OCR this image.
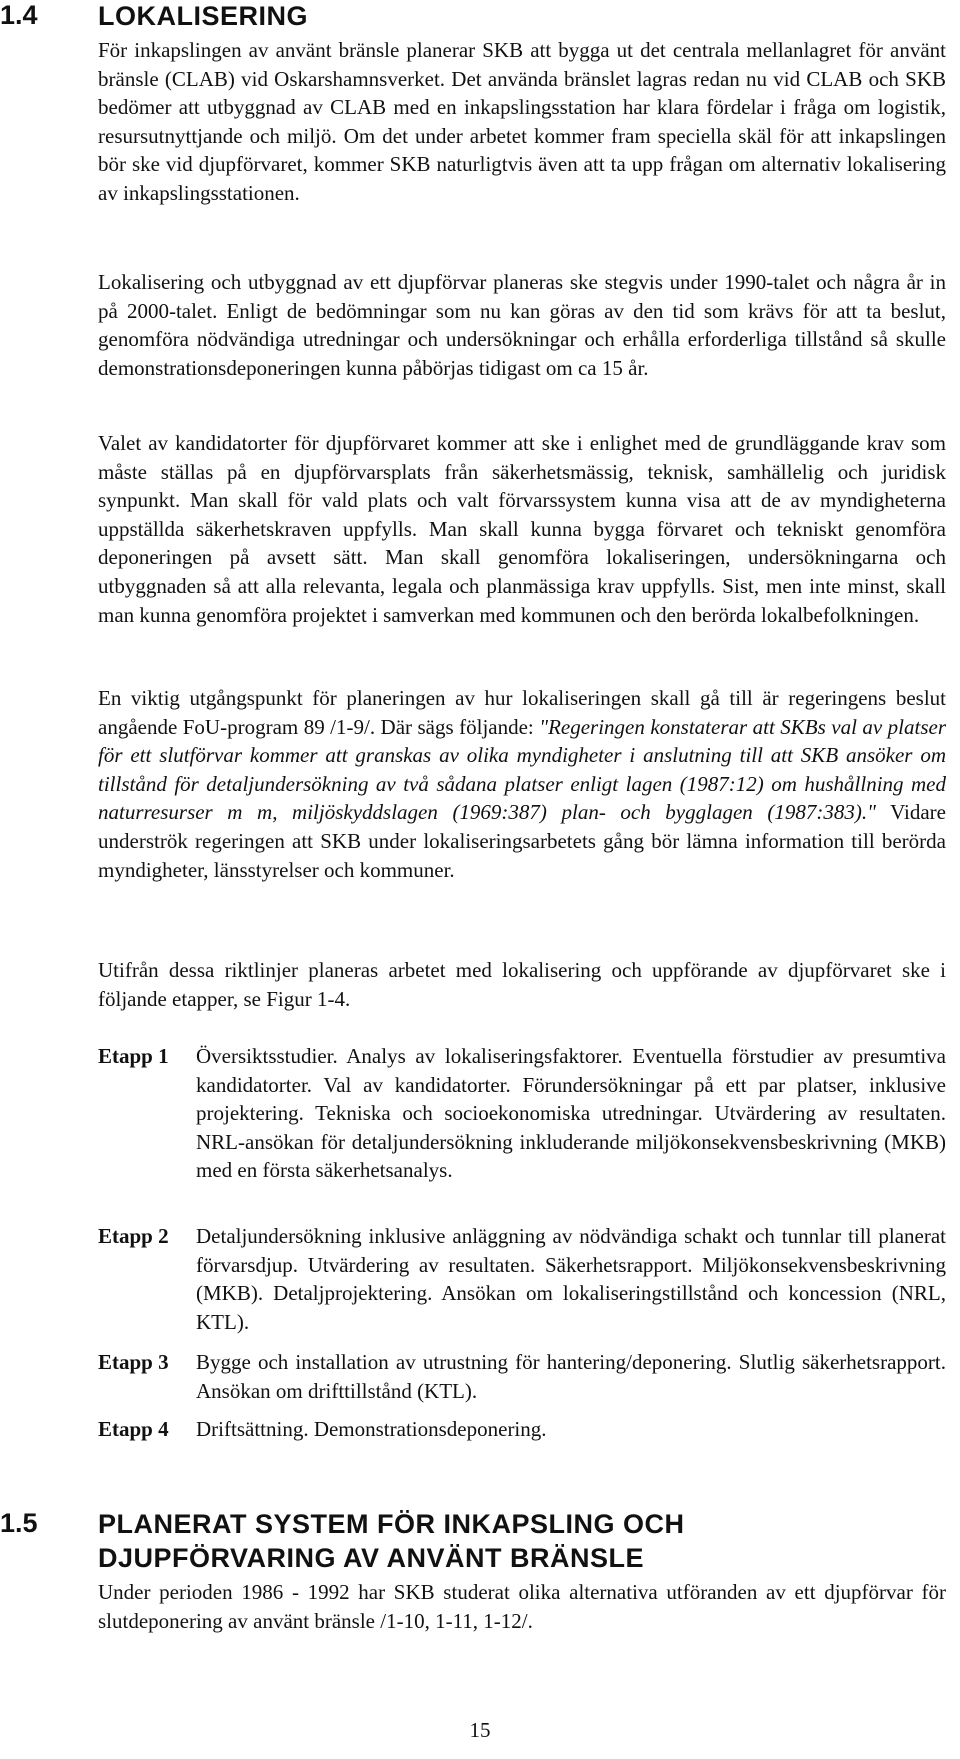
1.4 LOKALISERING

För inkapslingen av använt bränsle planerar SKB att bygga ut det centrala mellanlagret för använt bränsle (CLAB) vid Oskarshamnsverket. Det använda bränslet lagras redan nu vid CLAB och SKB bedömer att utbyggnad av CLAB med en inkapslingsstation har klara fördelar i fråga om logistik, resursutnyttjande och miljö. Om det under arbetet kommer fram speciella skäl för att inkapslingen bör ske vid djupförvaret, kommer SKB naturligtvis även att ta upp frågan om alternativ lokalisering av inkapslingsstationen.

Lokalisering och utbyggnad av ett djupförvar planeras ske stegvis under 1990-talet och några år in på 2000-talet. Enligt de bedömningar som nu kan göras av den tid som krävs för att ta beslut, genomföra nödvändiga utredningar och undersökningar och erhålla erforderliga tillstånd så skulle demonstrationsdeponeringen kunna påbörjas tidigast om ca 15 år.

Valet av kandidatorter för djupförvaret kommer att ske i enlighet med de grundläggande krav som måste ställas på en djupförvarsplats från säkerhetsmässig, teknisk, samhällelig och juridisk synpunkt. Man skall för vald plats och valt förvarssystem kunna visa att de av myndigheterna uppställda säkerhetskraven uppfylls. Man skall kunna bygga förvaret och tekniskt genomföra deponeringen på avsett sätt. Man skall genomföra lokaliseringen, undersökningarna och utbyggnaden så att alla relevanta, legala och planmässiga krav uppfylls. Sist, men inte minst, skall man kunna genomföra projektet i samverkan med kommunen och den berörda lokalbefolkningen.

En viktig utgångspunkt för planeringen av hur lokaliseringen skall gå till är regeringens beslut angående FoU-program 89 /1-9/. Där sägs följande: "Regeringen konstaterar att SKBs val av platser för ett slutförvar kommer att granskas av olika myndigheter i anslutning till att SKB ansöker om tillstånd för detaljundersökning av två sådana platser enligt lagen (1987:12) om hushållning med naturresurser m m, miljöskyddslagen (1969:387) plan- och bygglagen (1987:383)." Vidare underströk regeringen att SKB under lokaliseringsarbetets gång bör lämna information till berörda myndigheter, länsstyrelser och kommuner.

Utifrån dessa riktlinjer planeras arbetet med lokalisering och uppförande av djupförvaret ske i följande etapper, se Figur 1-4.

Etapp 1	Översiktsstudier. Analys av lokaliseringsfaktorer. Eventuella förstudier av presumtiva kandidatorter. Val av kandidatorter. Förundersökningar på ett par platser, inklusive projektering. Tekniska och socioekonomiska utredningar. Utvärdering av resultaten. NRL-ansökan för detaljundersökning inkluderande miljökonsekvensbeskrivning (MKB) med en första säkerhetsanalys.

Etapp 2	Detaljundersökning inklusive anläggning av nödvändiga schakt och tunnlar till planerat förvarsdjup. Utvärdering av resultaten. Säkerhetsrapport. Miljökonsekvensbeskrivning (MKB). Detaljprojektering. Ansökan om lokaliseringstillstånd och koncession (NRL, KTL).

Etapp 3	Bygge och installation av utrustning för hantering/deponering. Slutlig säkerhetsrapport. Ansökan om drifttillstånd (KTL).

Etapp 4	Driftsättning. Demonstrationsdeponering.

1.5 PLANERAT SYSTEM FÖR INKAPSLING OCH
DJUPFÖRVARING AV ANVÄNT BRÄNSLE

Under perioden 1986 - 1992 har SKB studerat olika alternativa utföranden av ett djupförvar för slutdeponering av använt bränsle /1-10, 1-11, 1-12/.

15
